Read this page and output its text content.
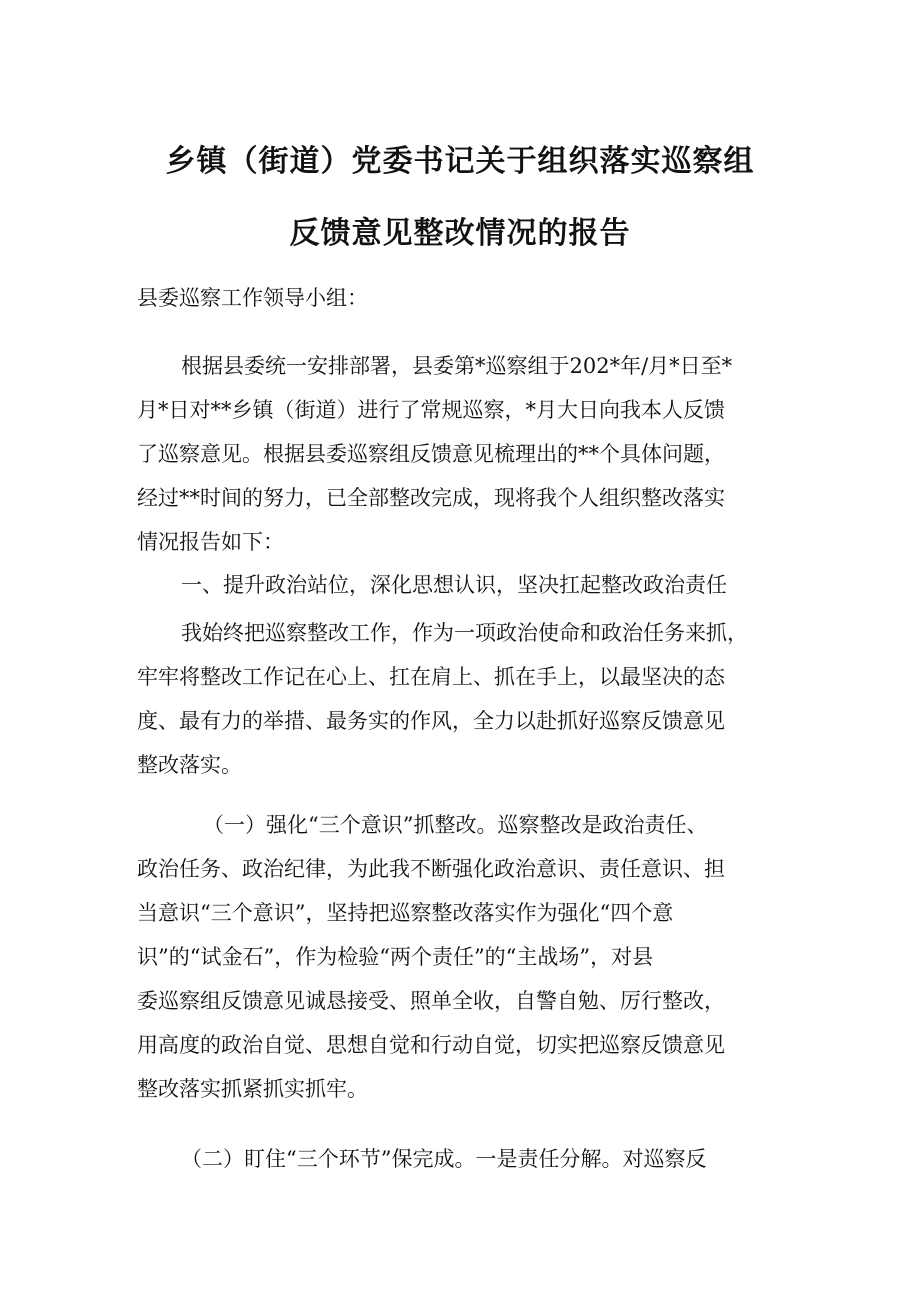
乡镇（街道）党委书记关于组织落实巡察组
反馈意见整改情况的报告
县委巡察工作领导小组：
根据县委统一安排部署，县委第*巡察组于202*年/月*日至*
月*日对**乡镇（街道）进行了常规巡察，*月大日向我本人反馈
了巡察意见。根据县委巡察组反馈意见梳理出的**个具体问题，
经过**时间的努力，已全部整改完成，现将我个人组织整改落实
情况报告如下：
一、提升政治站位，深化思想认识，坚决扛起整改政治责任
我始终把巡察整改工作，作为一项政治使命和政治任务来抓，
牢牢将整改工作记在心上、扛在肩上、抓在手上，以最坚决的态
度、最有力的举措、最务实的作风，全力以赴抓好巡察反馈意见
整改落实。
（一）强化“三个意识”抓整改。巡察整改是政治责任、
政治任务、政治纪律，为此我不断强化政治意识、责任意识、担
当意识“三个意识”，坚持把巡察整改落实作为强化“四个意
识”的“试金石”，作为检验“两个责任”的“主战场”，对县
委巡察组反馈意见诚恳接受、照单全收，自警自勉、厉行整改，
用高度的政治自觉、思想自觉和行动自觉，切实把巡察反馈意见
整改落实抓紧抓实抓牢。
（二）盯住“三个环节”保完成。一是责任分解。对巡察反
